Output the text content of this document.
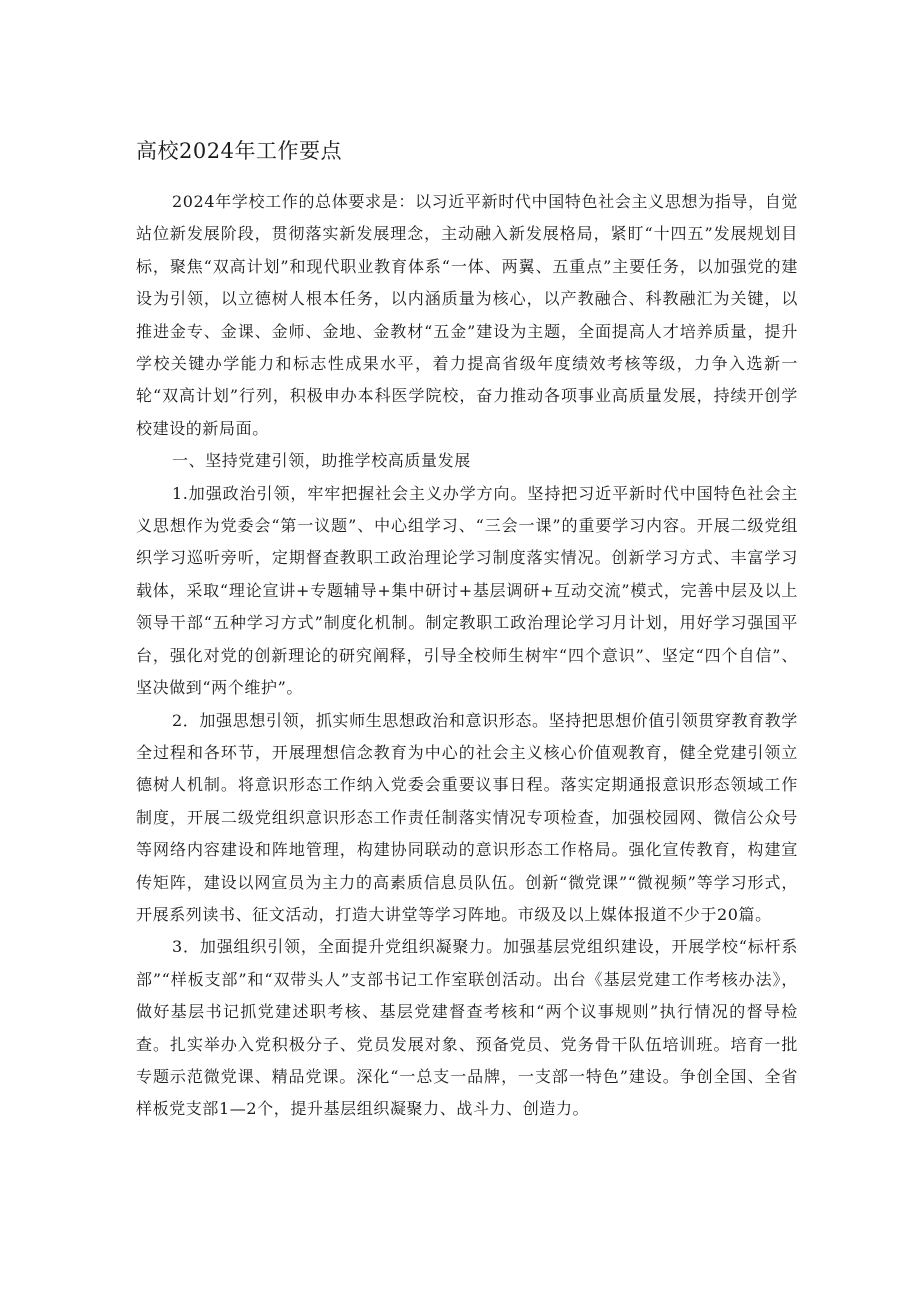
高校2024年工作要点

2024年学校工作的总体要求是：以习近平新时代中国特色社会主义思想为指导，自觉站位新发展阶段，贯彻落实新发展理念，主动融入新发展格局，紧盯“十四五”发展规划目标，聚焦“双高计划”和现代职业教育体系“一体、两翼、五重点”主要任务，以加强党的建设为引领，以立德树人根本任务，以内涵质量为核心，以产教融合、科教融汇为关键，以推进金专、金课、金师、金地、金教材“五金”建设为主题，全面提高人才培养质量，提升学校关键办学能力和标志性成果水平，着力提高省级年度绩效考核等级，力争入选新一轮“双高计划”行列，积极申办本科医学院校，奋力推动各项事业高质量发展，持续开创学校建设的新局面。

一、坚持党建引领，助推学校高质量发展

1.加强政治引领，牢牢把握社会主义办学方向。坚持把习近平新时代中国特色社会主义思想作为党委会“第一议题”、中心组学习、“三会一课”的重要学习内容。开展二级党组织学习巡听旁听，定期督查教职工政治理论学习制度落实情况。创新学习方式、丰富学习载体，采取“理论宣讲+专题辅导+集中研讨+基层调研+互动交流”模式，完善中层及以上领导干部“五种学习方式”制度化机制。制定教职工政治理论学习月计划，用好学习强国平台，强化对党的创新理论的研究阐释，引导全校师生树牢“四个意识”、坚定“四个自信”、坚决做到“两个维护”。

2．加强思想引领，抓实师生思想政治和意识形态。坚持把思想价值引领贯穿教育教学全过程和各环节，开展理想信念教育为中心的社会主义核心价值观教育，健全党建引领立德树人机制。将意识形态工作纳入党委会重要议事日程。落实定期通报意识形态领域工作制度，开展二级党组织意识形态工作责任制落实情况专项检查，加强校园网、微信公众号等网络内容建设和阵地管理，构建协同联动的意识形态工作格局。强化宣传教育，构建宣传矩阵，建设以网宣员为主力的高素质信息员队伍。创新“微党课”“微视频”等学习形式，开展系列读书、征文活动，打造大讲堂等学习阵地。市级及以上媒体报道不少于20篇。

3．加强组织引领，全面提升党组织凝聚力。加强基层党组织建设，开展学校“标杆系部”“样板支部”和“双带头人”支部书记工作室联创活动。出台《基层党建工作考核办法》，做好基层书记抓党建述职考核、基层党建督查考核和“两个议事规则”执行情况的督导检查。扎实举办入党积极分子、党员发展对象、预备党员、党务骨干队伍培训班。培育一批专题示范微党课、精品党课。深化“一总支一品牌，一支部一特色”建设。争创全国、全省样板党支部1—2个，提升基层组织凝聚力、战斗力、创造力。
